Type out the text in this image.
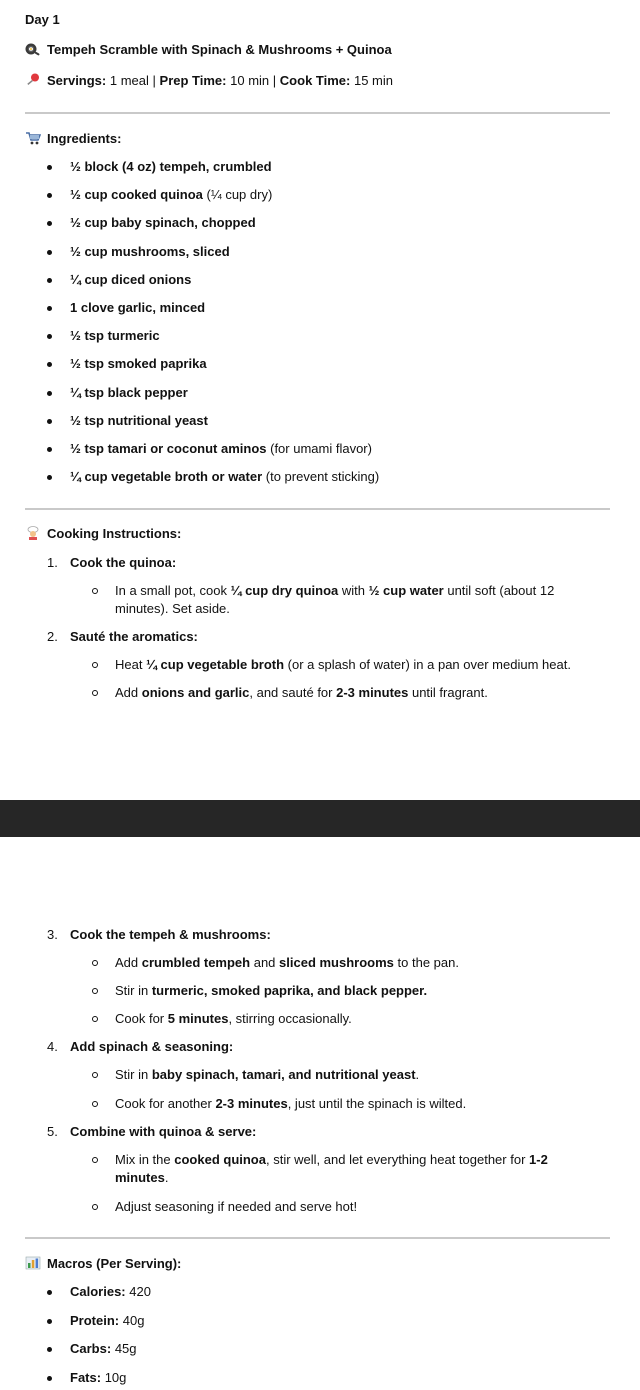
Day 1
Tempeh Scramble with Spinach & Mushrooms + Quinoa
Servings: 1 meal | Prep Time: 10 min | Cook Time: 15 min
Ingredients:
½ block (4 oz) tempeh, crumbled
½ cup cooked quinoa (¼ cup dry)
½ cup baby spinach, chopped
½ cup mushrooms, sliced
¼ cup diced onions
1 clove garlic, minced
½ tsp turmeric
½ tsp smoked paprika
¼ tsp black pepper
½ tsp nutritional yeast
½ tsp tamari or coconut aminos (for umami flavor)
¼ cup vegetable broth or water (to prevent sticking)
Cooking Instructions:
1. Cook the quinoa:
In a small pot, cook ¼ cup dry quinoa with ½ cup water until soft (about 12 minutes). Set aside.
2. Sauté the aromatics:
Heat ¼ cup vegetable broth (or a splash of water) in a pan over medium heat.
Add onions and garlic, and sauté for 2-3 minutes until fragrant.
3. Cook the tempeh & mushrooms:
Add crumbled tempeh and sliced mushrooms to the pan.
Stir in turmeric, smoked paprika, and black pepper.
Cook for 5 minutes, stirring occasionally.
4. Add spinach & seasoning:
Stir in baby spinach, tamari, and nutritional yeast.
Cook for another 2-3 minutes, just until the spinach is wilted.
5. Combine with quinoa & serve:
Mix in the cooked quinoa, stir well, and let everything heat together for 1-2 minutes.
Adjust seasoning if needed and serve hot!
Macros (Per Serving):
Calories: 420
Protein: 40g
Carbs: 45g
Fats: 10g
